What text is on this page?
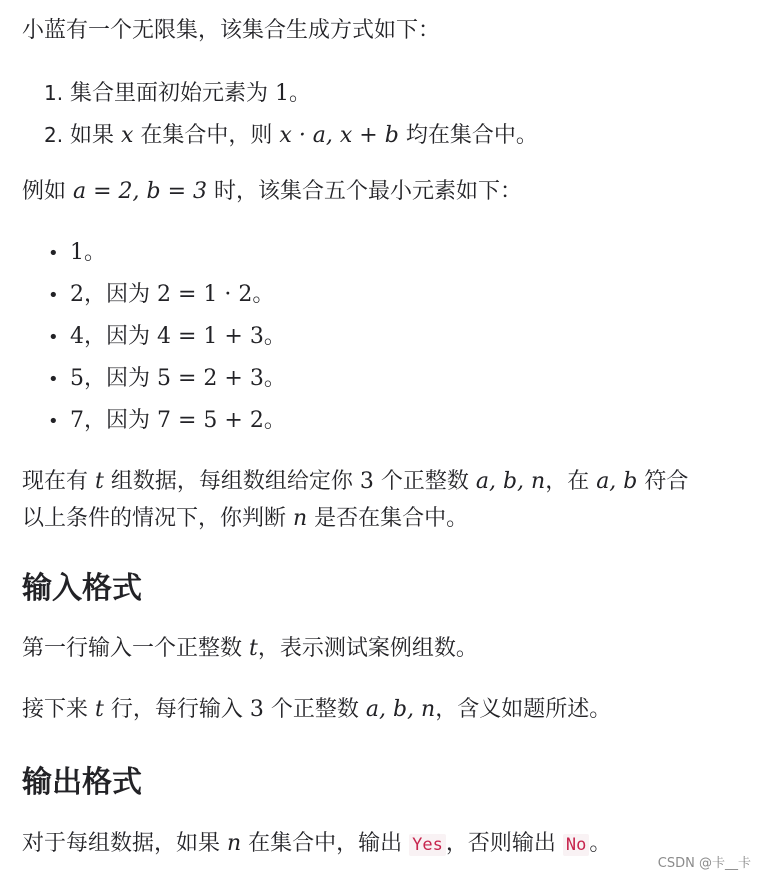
小蓝有一个无限集，该集合生成方式如下：

1. 集合里面初始元素为 1。
2. 如果 x 在集合中，则 x · a, x + b 均在集合中。

例如 a = 2, b = 3 时，该集合五个最小元素如下：

• 1。
• 2，因为 2 = 1 · 2。
• 4，因为 4 = 1 + 3。
• 5，因为 5 = 2 + 3。
• 7，因为 7 = 5 + 2。

现在有 t 组数据，每组数组给定你 3 个正整数 a, b, n，在 a, b 符合
以上条件的情况下，你判断 n 是否在集合中。

输入格式

第一行输入一个正整数 t，表示测试案例组数。

接下来 t 行，每行输入 3 个正整数 a, b, n，含义如题所述。

输出格式

对于每组数据，如果 n 在集合中，输出 Yes ，否则输出 No 。

CSDN @卡__卡
